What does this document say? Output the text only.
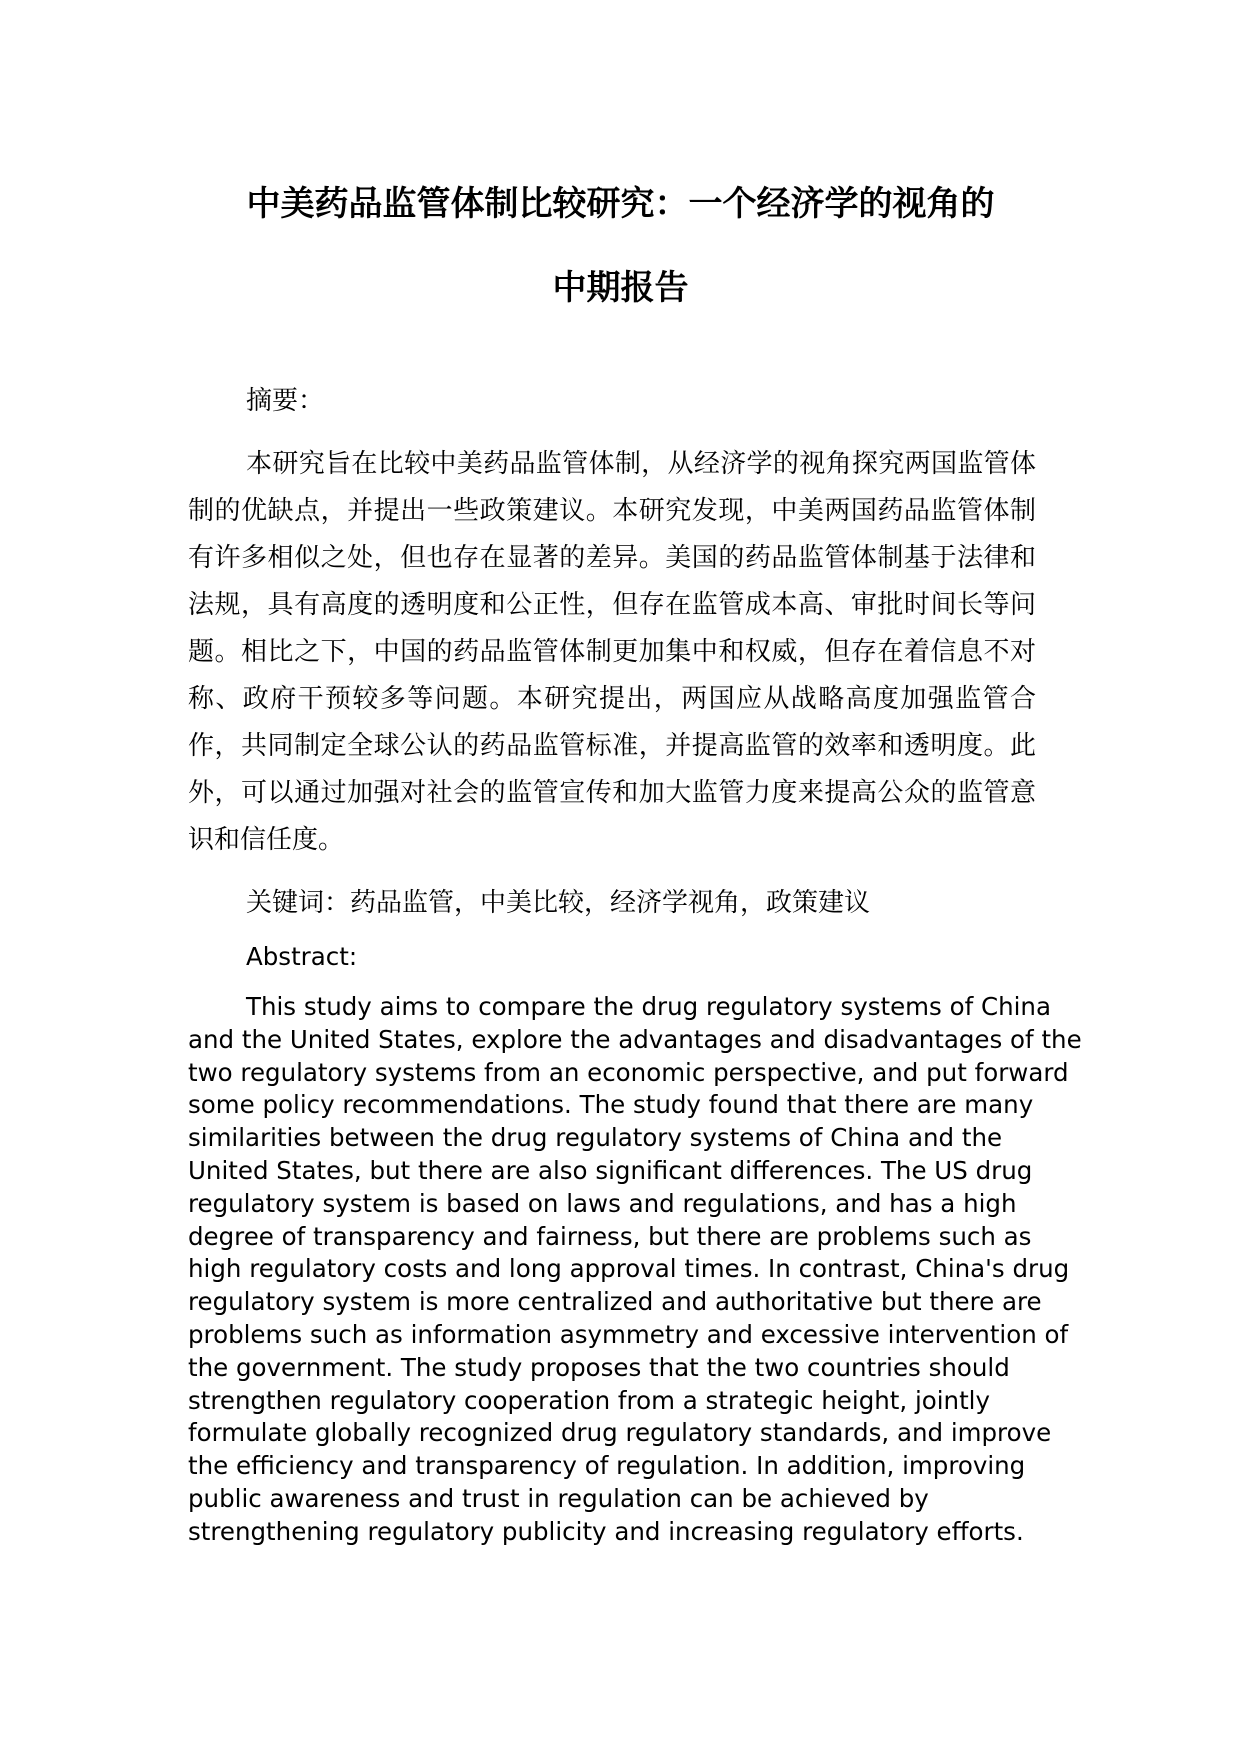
中美药品监管体制比较研究：一个经济学的视角的
中期报告

摘要：

本研究旨在比较中美药品监管体制，从经济学的视角探究两国监管体制的优缺点，并提出一些政策建议。本研究发现，中美两国药品监管体制有许多相似之处，但也存在显著的差异。美国的药品监管体制基于法律和法规，具有高度的透明度和公正性，但存在监管成本高、审批时间长等问题。相比之下，中国的药品监管体制更加集中和权威，但存在着信息不对称、政府干预较多等问题。本研究提出，两国应从战略高度加强监管合作，共同制定全球公认的药品监管标准，并提高监管的效率和透明度。此外，可以通过加强对社会的监管宣传和加大监管力度来提高公众的监管意识和信任度。

关键词：药品监管，中美比较，经济学视角，政策建议

Abstract:

This study aims to compare the drug regulatory systems of China
and the United States, explore the advantages and disadvantages of the
two regulatory systems from an economic perspective, and put forward
some policy recommendations. The study found that there are many
similarities between the drug regulatory systems of China and the
United States, but there are also significant differences. The US drug
regulatory system is based on laws and regulations, and has a high
degree of transparency and fairness, but there are problems such as
high regulatory costs and long approval times. In contrast, China's drug
regulatory system is more centralized and authoritative but there are
problems such as information asymmetry and excessive intervention of
the government. The study proposes that the two countries should
strengthen regulatory cooperation from a strategic height, jointly
formulate globally recognized drug regulatory standards, and improve
the efficiency and transparency of regulation. In addition, improving
public awareness and trust in regulation can be achieved by
strengthening regulatory publicity and increasing regulatory efforts.
